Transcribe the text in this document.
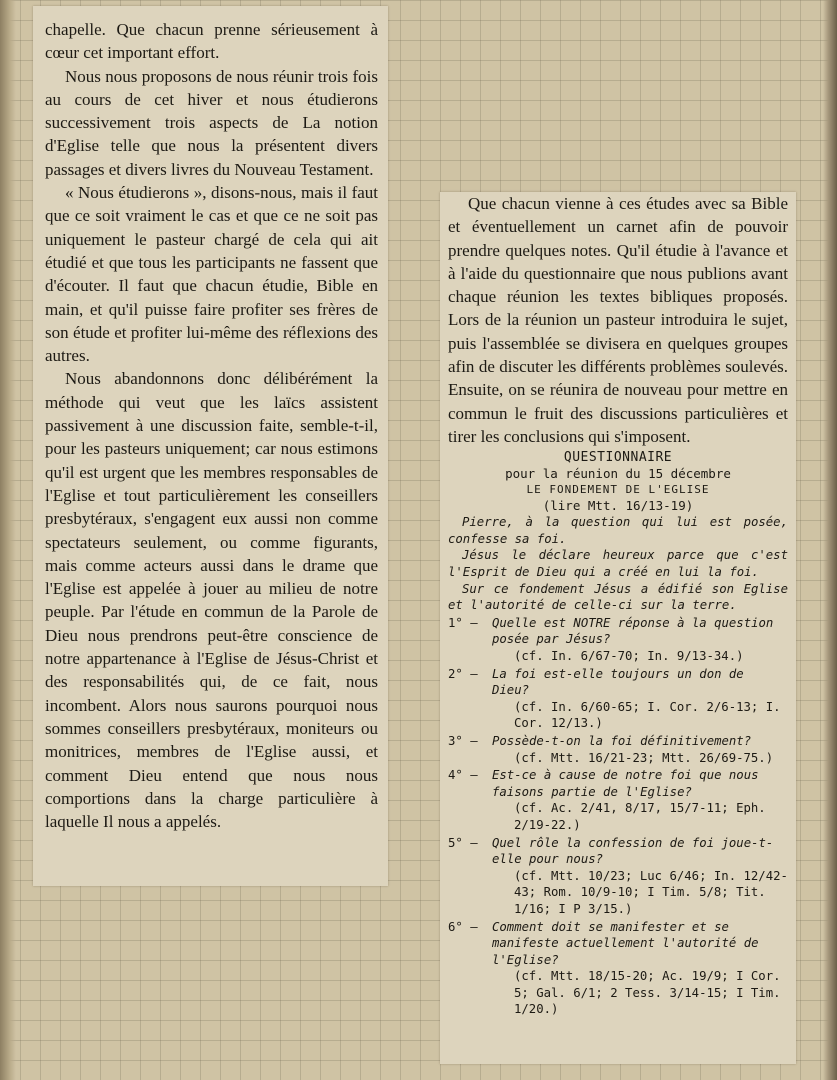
chapelle. Que chacun prenne sérieusement à cœur cet important effort.

Nous nous proposons de nous réunir trois fois au cours de cet hiver et nous étudierons successivement trois aspects de La notion d'Eglise telle que nous la présentent divers passages et divers livres du Nouveau Testament.

« Nous étudierons », disons-nous, mais il faut que ce soit vraiment le cas et que ce ne soit pas uniquement le pasteur chargé de cela qui ait étudié et que tous les participants ne fassent que d'écouter. Il faut que chacun étudie, Bible en main, et qu'il puisse faire profiter ses frères de son étude et profiter lui-même des réflexions des autres.

Nous abandonnons donc délibérément la méthode qui veut que les laïcs assistent passivement à une discussion faite, semble-t-il, pour les pasteurs uniquement; car nous estimons qu'il est urgent que les membres responsables de l'Eglise et tout particulièrement les conseillers presbytéraux, s'engagent eux aussi non comme spectateurs seulement, ou comme figurants, mais comme acteurs aussi dans le drame que l'Eglise est appelée à jouer au milieu de notre peuple. Par l'étude en commun de la Parole de Dieu nous prendrons peut-être conscience de notre appartenance à l'Eglise de Jésus-Christ et des responsabilités qui, de ce fait, nous incombent. Alors nous saurons pourquoi nous sommes conseillers presbytéraux, moniteurs ou monitrices, membres de l'Eglise aussi, et comment Dieu entend que nous nous comportions dans la charge particulière à laquelle Il nous a appelés.

Que chacun vienne à ces études avec sa Bible et éventuellement un carnet afin de pouvoir prendre quelques notes. Qu'il étudie à l'avance et à l'aide du questionnaire que nous publions avant chaque réunion les textes bibliques proposés. Lors de la réunion un pasteur introduira le sujet, puis l'assemblée se divisera en quelques groupes afin de discuter les différents problèmes soulevés. Ensuite, on se réunira de nouveau pour mettre en commun le fruit des discussions particulières et tirer les conclusions qui s'imposent.

QUESTIONNAIRE
pour la réunion du 15 décembre
LE FONDEMENT DE L'EGLISE
(lire Mtt. 16/13-19)

Pierre, à la question qui lui est posée, confesse sa foi.

Jésus le déclare heureux parce que c'est l'Esprit de Dieu qui a créé en lui la foi.

Sur ce fondement Jésus a édifié son Eglise et l'autorité de celle-ci sur la terre.

1° —	Quelle est NOTRE réponse à la question posée par Jésus?
(cf. In. 6/67-70; In. 9/13-34.)
2° —	La foi est-elle toujours un don de Dieu?
(cf. In. 6/60-65; I. Cor. 2/6-13; I. Cor. 12/13.)
3° —	Possède-t-on la foi définitivement?
(cf. Mtt. 16/21-23; Mtt. 26/69-75.)
4° —	Est-ce à cause de notre foi que nous faisons partie de l'Eglise?
(cf. Ac. 2/41, 8/17, 15/7-11; Eph. 2/19-22.)
5° —	Quel rôle la confession de foi joue-t-elle pour nous?
(cf. Mtt. 10/23; Luc 6/46; In. 12/42-43; Rom. 10/9-10; I Tim. 5/8; Tit. 1/16; I P 3/15.)
6° —	Comment doit se manifester et se manifeste actuellement l'autorité de l'Eglise?
(cf. Mtt. 18/15-20; Ac. 19/9; I Cor. 5; Gal. 6/1; 2 Tess. 3/14-15; I Tim. 1/20.)
